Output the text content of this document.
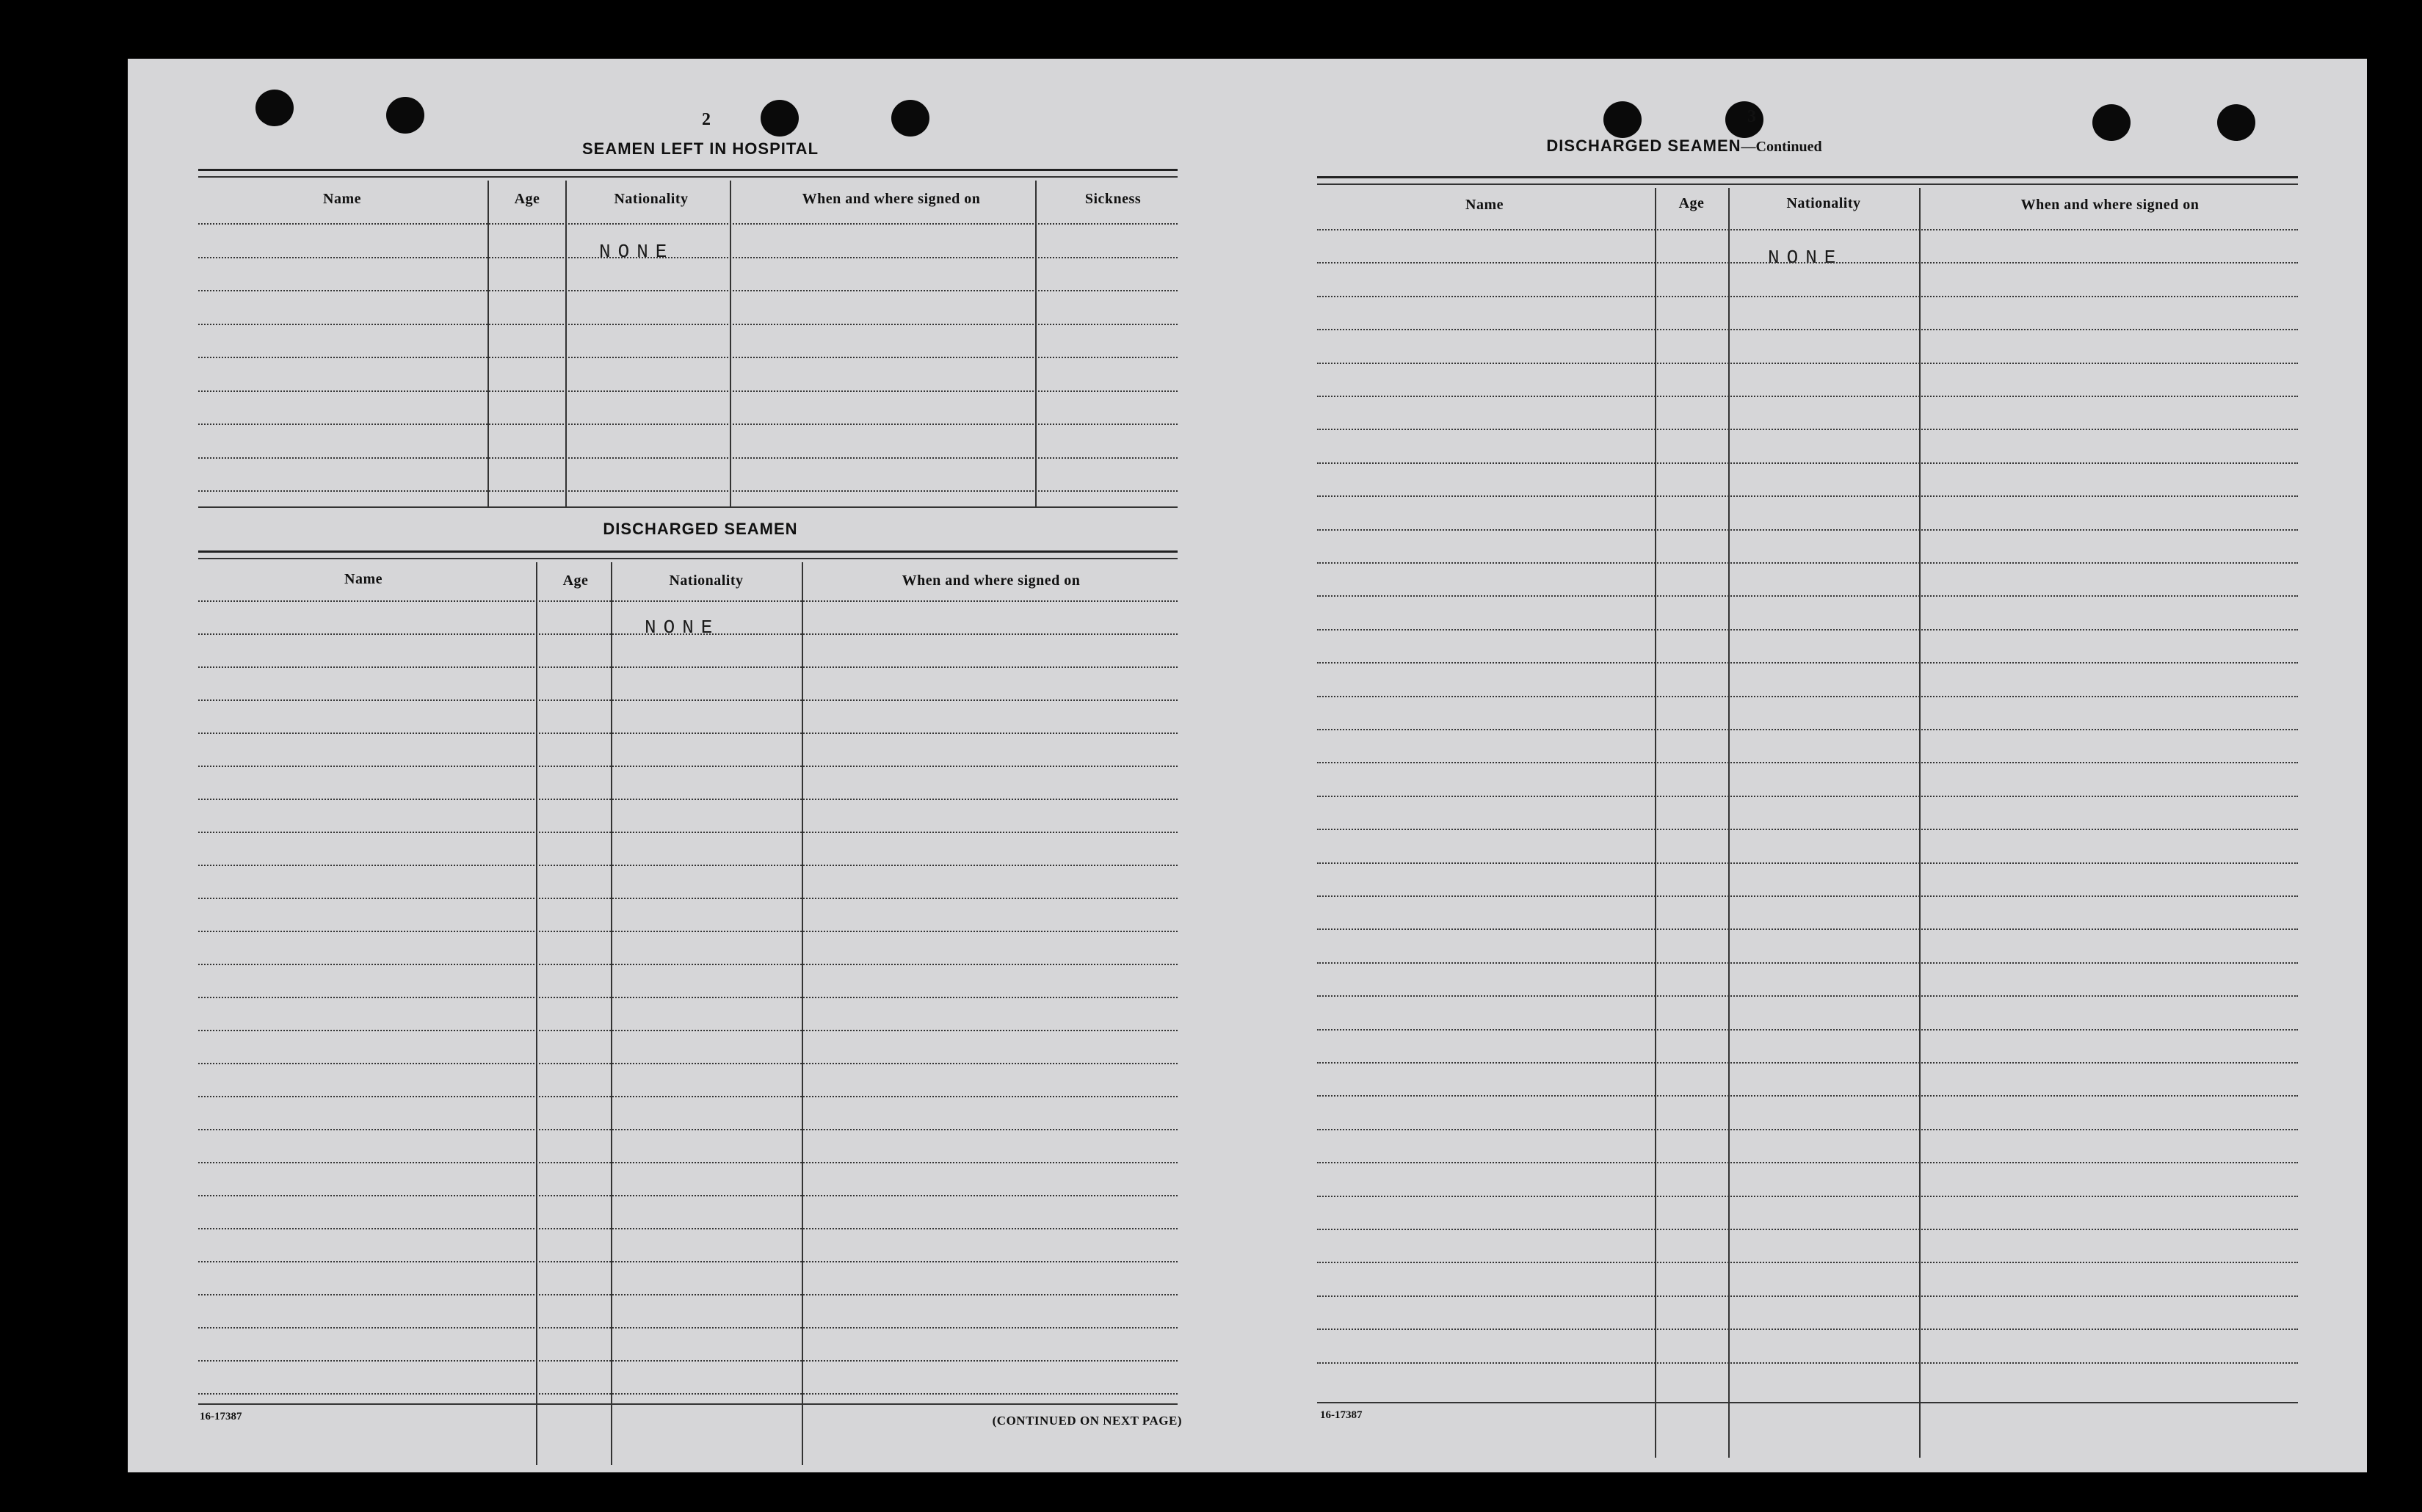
2
SEAMEN LEFT IN HOSPITAL
Name	Age	Nationality	When and where signed on	Sickness
NONE
DISCHARGED SEAMEN
Name	Age	Nationality	When and where signed on
NONE
16-17387	(CONTINUED ON NEXT PAGE)
3
DISCHARGED SEAMEN—Continued
Name	Age	Nationality	When and where signed on
NONE
16-17387
